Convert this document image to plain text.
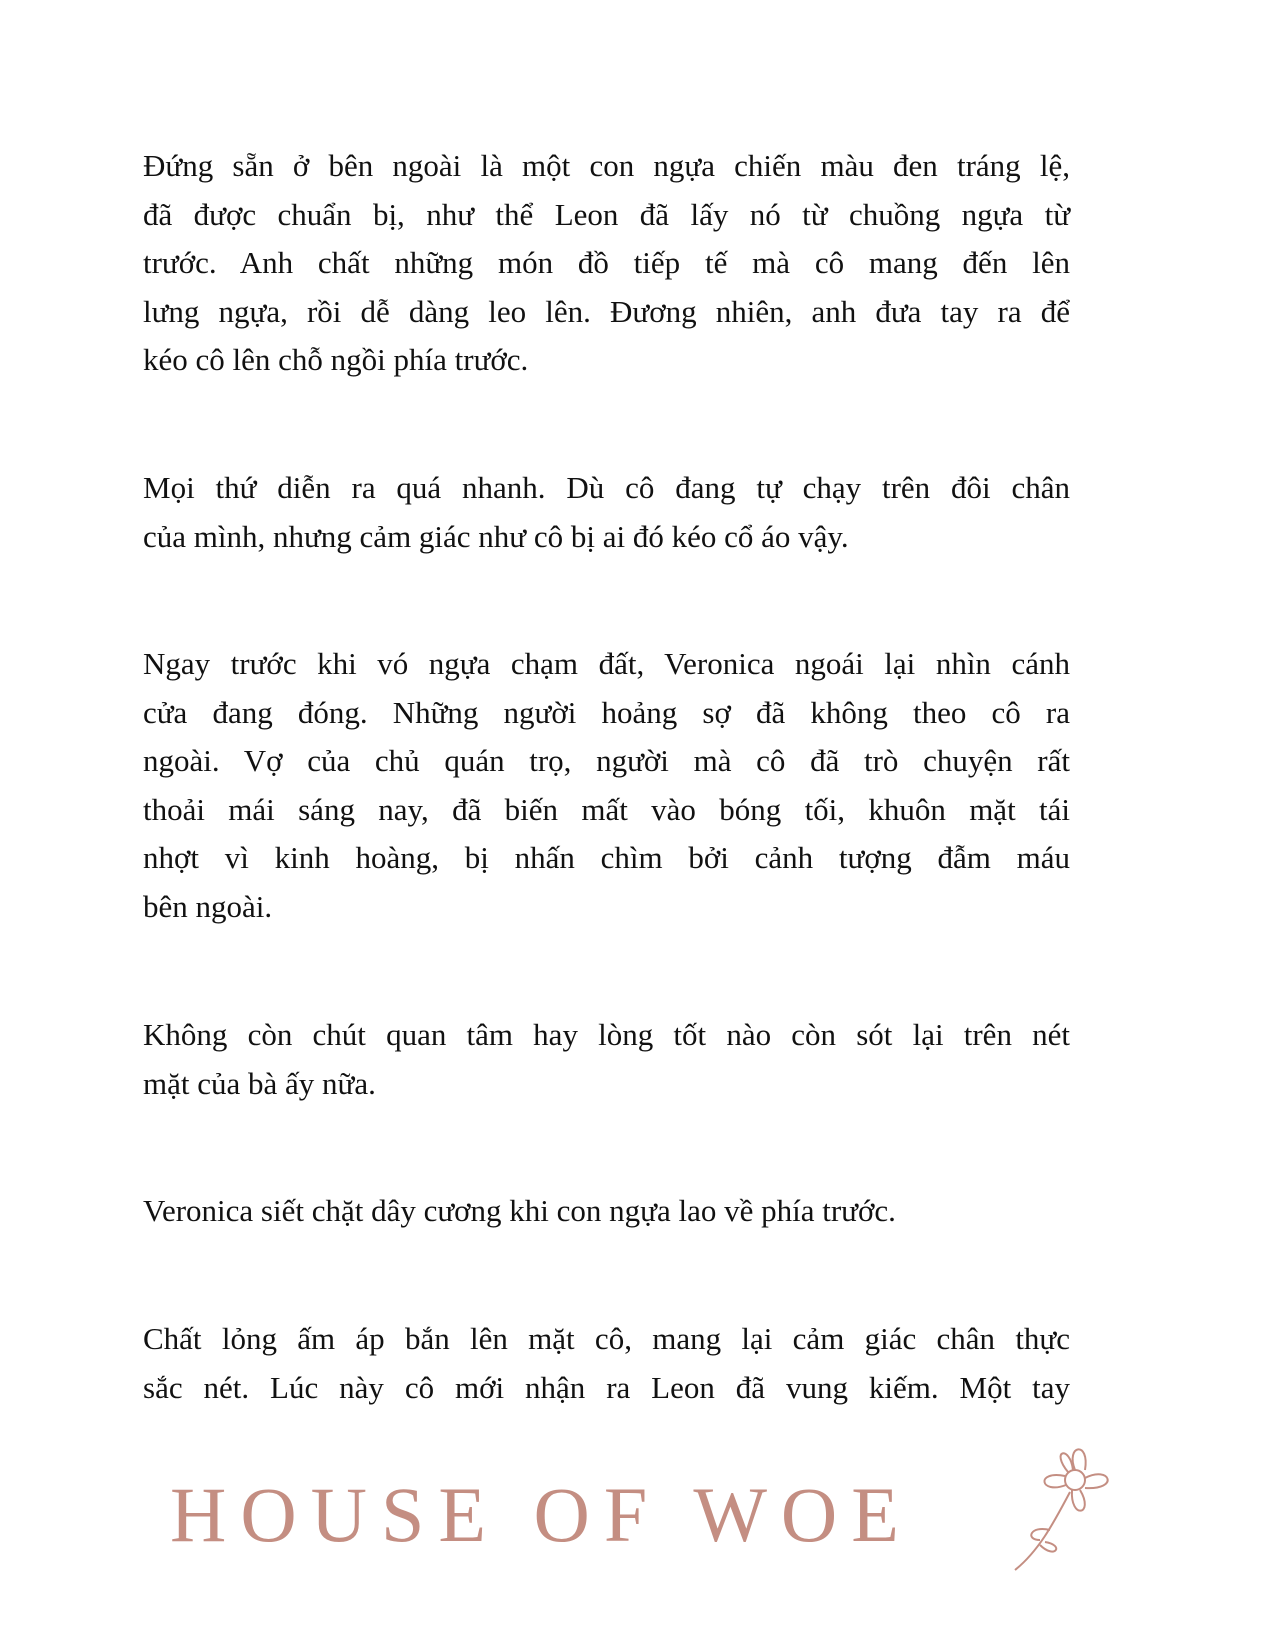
Đứng sẵn ở bên ngoài là một con ngựa chiến màu đen tráng lệ,
đã được chuẩn bị, như thể Leon đã lấy nó từ chuồng ngựa từ
trước. Anh chất những món đồ tiếp tế mà cô mang đến lên
lưng ngựa, rồi dễ dàng leo lên. Đương nhiên, anh đưa tay ra để
kéo cô lên chỗ ngồi phía trước.
Mọi thứ diễn ra quá nhanh. Dù cô đang tự chạy trên đôi chân
của mình, nhưng cảm giác như cô bị ai đó kéo cổ áo vậy.
Ngay trước khi vó ngựa chạm đất, Veronica ngoái lại nhìn cánh
cửa đang đóng. Những người hoảng sợ đã không theo cô ra
ngoài. Vợ của chủ quán trọ, người mà cô đã trò chuyện rất
thoải mái sáng nay, đã biến mất vào bóng tối, khuôn mặt tái
nhợt vì kinh hoàng, bị nhấn chìm bởi cảnh tượng đẫm máu
bên ngoài.
Không còn chút quan tâm hay lòng tốt nào còn sót lại trên nét
mặt của bà ấy nữa.
Veronica siết chặt dây cương khi con ngựa lao về phía trước.
Chất lỏng ấm áp bắn lên mặt cô, mang lại cảm giác chân thực
sắc nét. Lúc này cô mới nhận ra Leon đã vung kiếm. Một tay
HOUSE OF WOE
